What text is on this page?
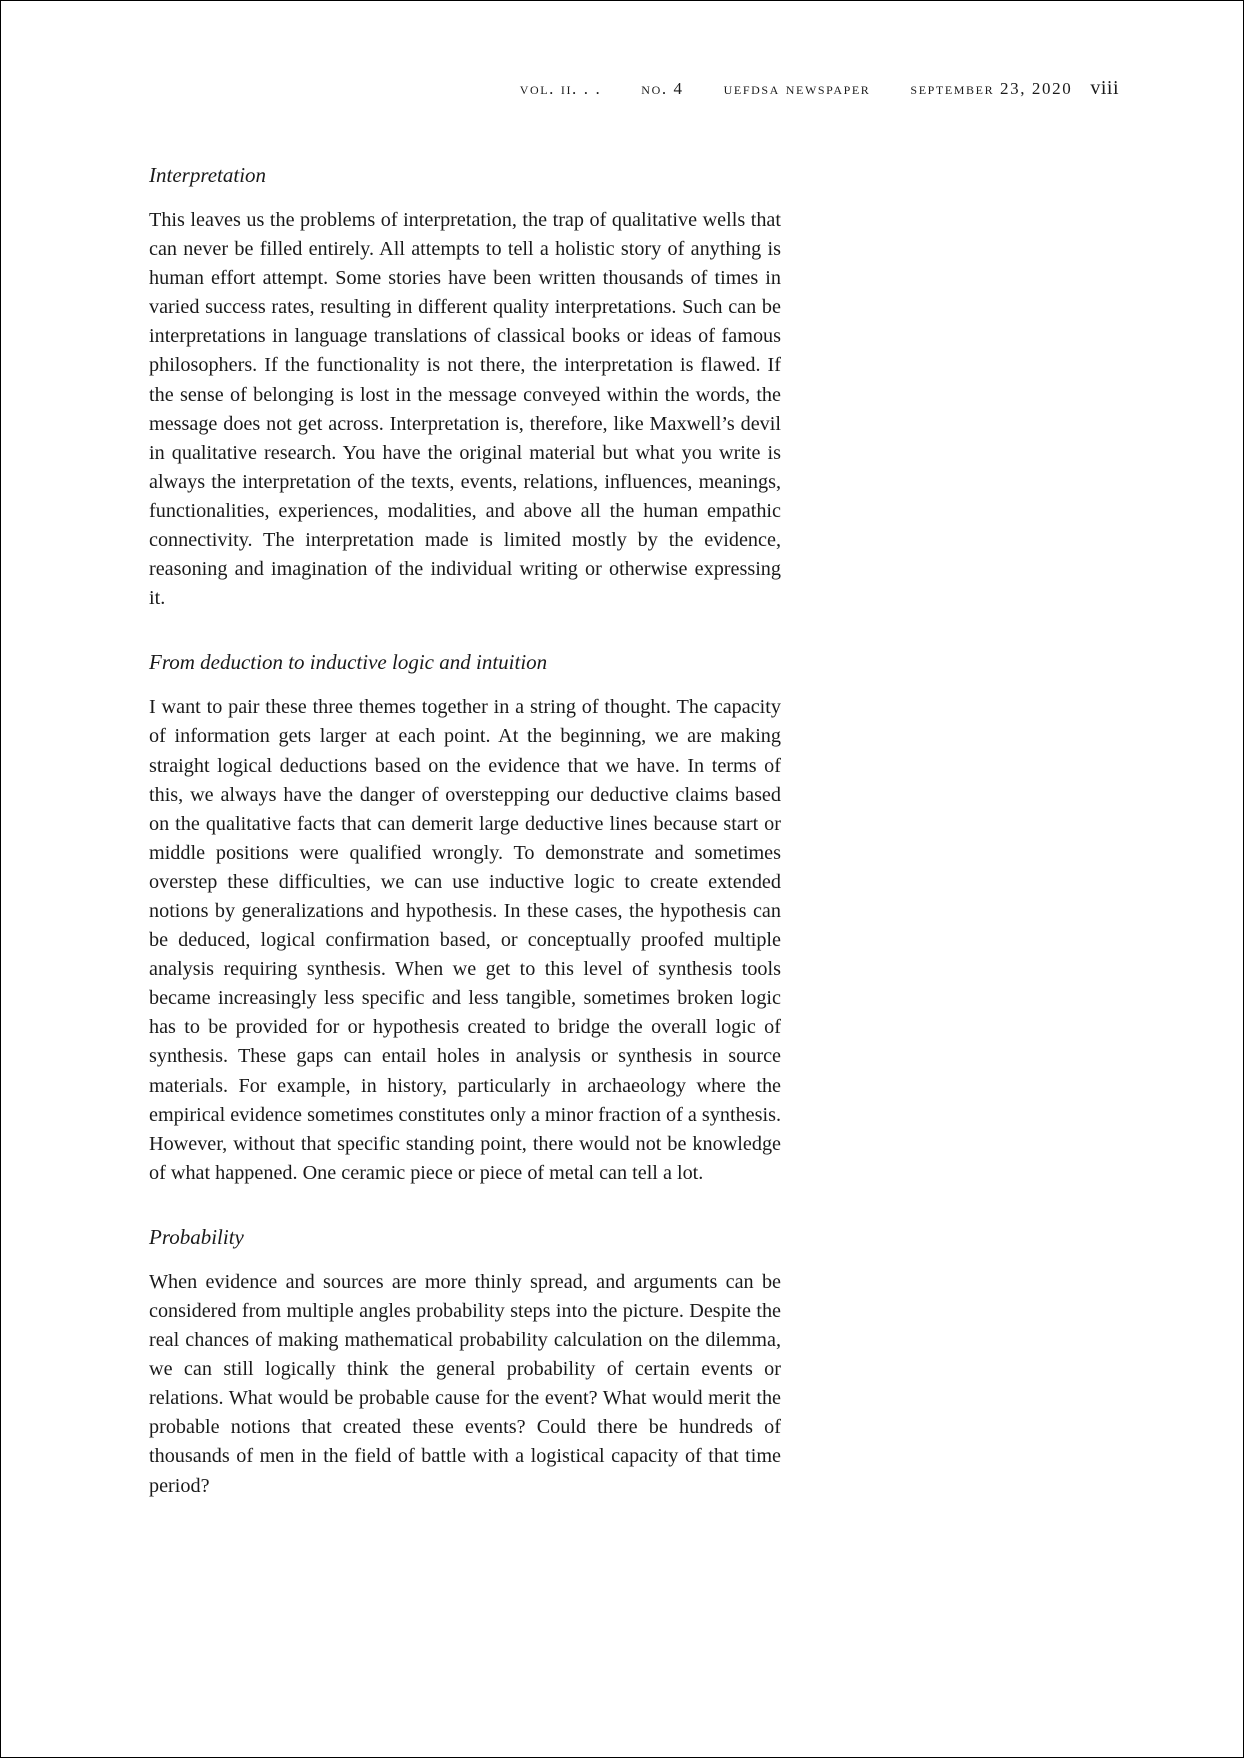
vol. ii. . . no. 4 uefdsa newspaper september 23, 2020 viii
Interpretation

This leaves us the problems of interpretation, the trap of qualitative wells that can never be filled entirely. All attempts to tell a holistic story of anything is human effort attempt. Some stories have been written thousands of times in varied success rates, resulting in different quality interpretations. Such can be interpretations in language translations of classical books or ideas of famous philosophers. If the functionality is not there, the interpretation is flawed. If the sense of belonging is lost in the message conveyed within the words, the message does not get across. Interpretation is, therefore, like Maxwell’s devil in qualitative research. You have the original material but what you write is always the interpretation of the texts, events, relations, influences, meanings, functionalities, experiences, modalities, and above all the human empathic connectivity. The interpretation made is limited mostly by the evidence, reasoning and imagination of the individual writing or otherwise expressing it.

From deduction to inductive logic and intuition

I want to pair these three themes together in a string of thought. The capacity of information gets larger at each point. At the beginning, we are making straight logical deductions based on the evidence that we have. In terms of this, we always have the danger of overstepping our deductive claims based on the qualitative facts that can demerit large deductive lines because start or middle positions were qualified wrongly. To demonstrate and sometimes overstep these difficulties, we can use inductive logic to create extended notions by generalizations and hypothesis. In these cases, the hypothesis can be deduced, logical confirmation based, or conceptually proofed multiple analysis requiring synthesis. When we get to this level of synthesis tools became increasingly less specific and less tangible, sometimes broken logic has to be provided for or hypothesis created to bridge the overall logic of synthesis. These gaps can entail holes in analysis or synthesis in source materials. For example, in history, particularly in archaeology where the empirical evidence sometimes constitutes only a minor fraction of a synthesis. However, without that specific standing point, there would not be knowledge of what happened. One ceramic piece or piece of metal can tell a lot.

Probability

When evidence and sources are more thinly spread, and arguments can be considered from multiple angles probability steps into the picture. Despite the real chances of making mathematical probability calculation on the dilemma, we can still logically think the general probability of certain events or relations. What would be probable cause for the event? What would merit the probable notions that created these events? Could there be hundreds of thousands of men in the field of battle with a logistical capacity of that time period?
